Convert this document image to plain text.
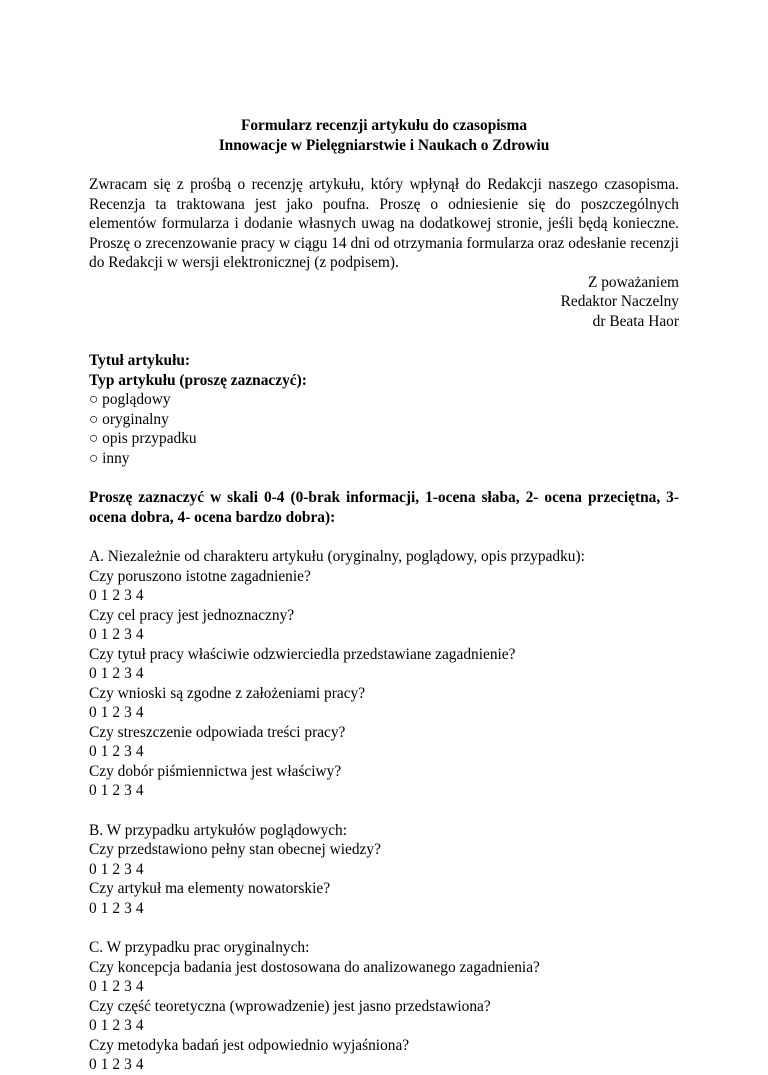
Formularz recenzji artykułu do czasopisma
Innowacje w Pielęgniarstwie i Naukach o Zdrowiu

Zwracam się z prośbą o recenzję artykułu, który wpłynął do Redakcji naszego czasopisma. Recenzja ta traktowana jest jako poufna. Proszę o odniesienie się do poszczególnych elementów formularza i dodanie własnych uwag na dodatkowej stronie, jeśli będą konieczne. Proszę o zrecenzowanie pracy w ciągu 14 dni od otrzymania formularza oraz odesłanie recenzji do Redakcji w wersji elektronicznej (z podpisem).

Z poważaniem
Redaktor Naczelny
dr Beata Haor
Tytuł artykułu:
Typ artykułu (proszę zaznaczyć):
○ poglądowy
○ oryginalny
○ opis przypadku
○ inny
Proszę zaznaczyć w skali 0-4 (0-brak informacji, 1-ocena słaba, 2- ocena przeciętna, 3- ocena dobra, 4- ocena bardzo dobra):
A. Niezależnie od charakteru artykułu (oryginalny, poglądowy, opis przypadku):
Czy poruszono istotne zagadnienie?
0 1 2 3 4
Czy cel pracy jest jednoznaczny?
0 1 2 3 4
Czy tytuł pracy właściwie odzwierciedla przedstawiane zagadnienie?
0 1 2 3 4
Czy wnioski są zgodne z założeniami pracy?
0 1 2 3 4
Czy streszczenie odpowiada treści pracy?
0 1 2 3 4
Czy dobór piśmiennictwa jest właściwy?
0 1 2 3 4
B. W przypadku artykułów poglądowych:
Czy przedstawiono pełny stan obecnej wiedzy?
0 1 2 3 4
Czy artykuł ma elementy nowatorskie?
0 1 2 3 4
C. W przypadku prac oryginalnych:
Czy koncepcja badania jest dostosowana do analizowanego zagadnienia?
0 1 2 3 4
Czy część teoretyczna (wprowadzenie) jest jasno przedstawiona?
0 1 2 3 4
Czy metodyka badań jest odpowiednio wyjaśniona?
0 1 2 3 4
